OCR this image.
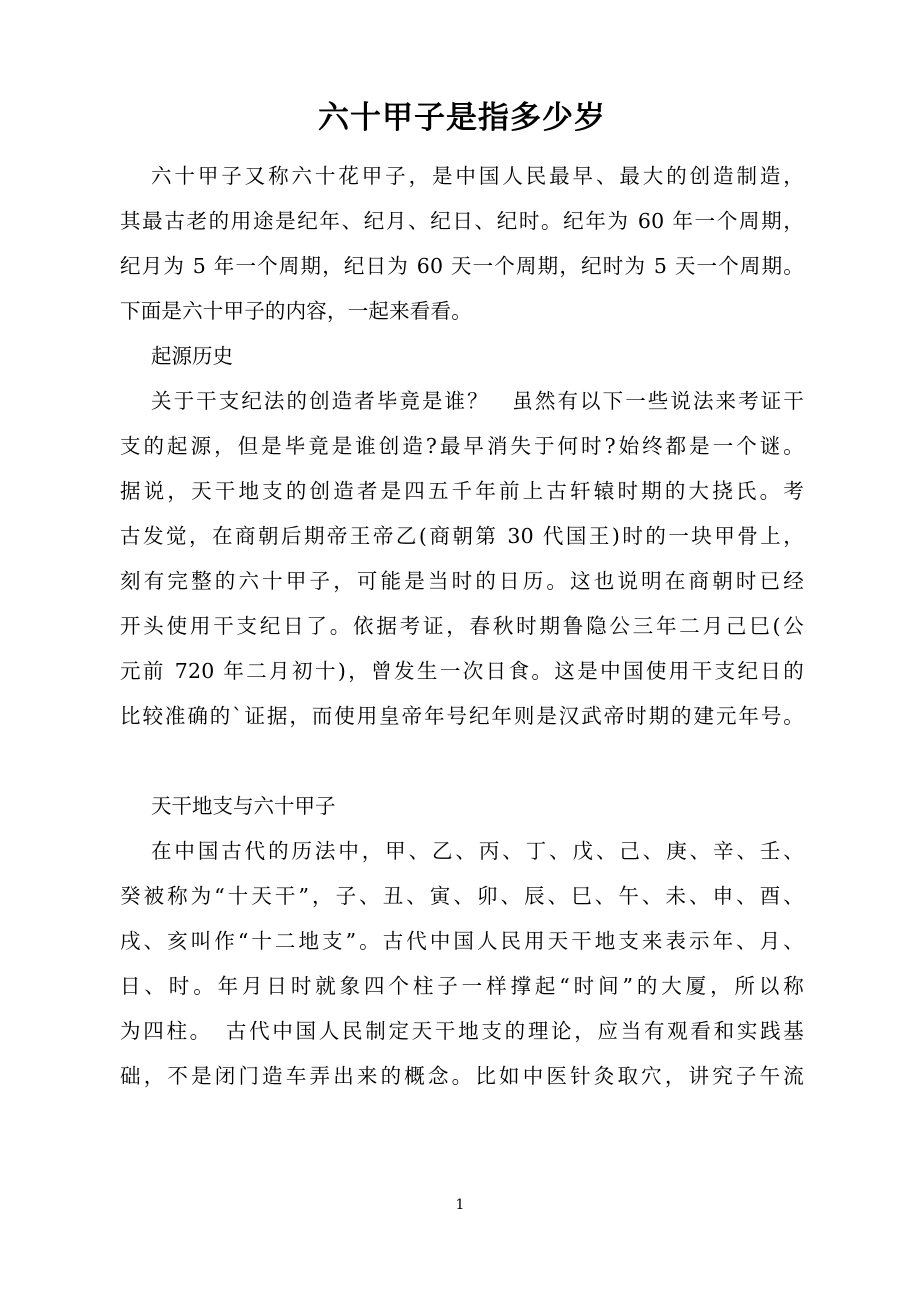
六十甲子是指多少岁
六十甲子又称六十花甲子，是中国人民最早、最大的创造制造，
其最古老的用途是纪年、纪月、纪日、纪时。纪年为 60 年一个周期，
纪月为 5 年一个周期，纪日为 60 天一个周期，纪时为 5 天一个周期。
下面是六十甲子的内容，一起来看看。
起源历史
关于干支纪法的创造者毕竟是谁？　虽然有以下一些说法来考证干
支的起源，但是毕竟是谁创造?最早消失于何时?始终都是一个谜。
据说，天干地支的创造者是四五千年前上古轩辕时期的大挠氏。考
古发觉，在商朝后期帝王帝乙(商朝第 30 代国王)时的一块甲骨上，
刻有完整的六十甲子，可能是当时的日历。这也说明在商朝时已经
开头使用干支纪日了。依据考证，春秋时期鲁隐公三年二月己巳(公
元前 720 年二月初十)，曾发生一次日食。这是中国使用干支纪日的
比较准确的`证据，而使用皇帝年号纪年则是汉武帝时期的建元年号。
天干地支与六十甲子
在中国古代的历法中，甲、乙、丙、丁、戊、己、庚、辛、壬、
癸被称为“十天干”，子、丑、寅、卯、辰、巳、午、未、申、酉、
戌、亥叫作“十二地支”。古代中国人民用天干地支来表示年、月、
日、时。年月日时就象四个柱子一样撑起“时间”的大厦，所以称
为四柱。　古代中国人民制定天干地支的理论，应当有观看和实践基
础，不是闭门造车弄出来的概念。比如中医针灸取穴，讲究子午流
1
